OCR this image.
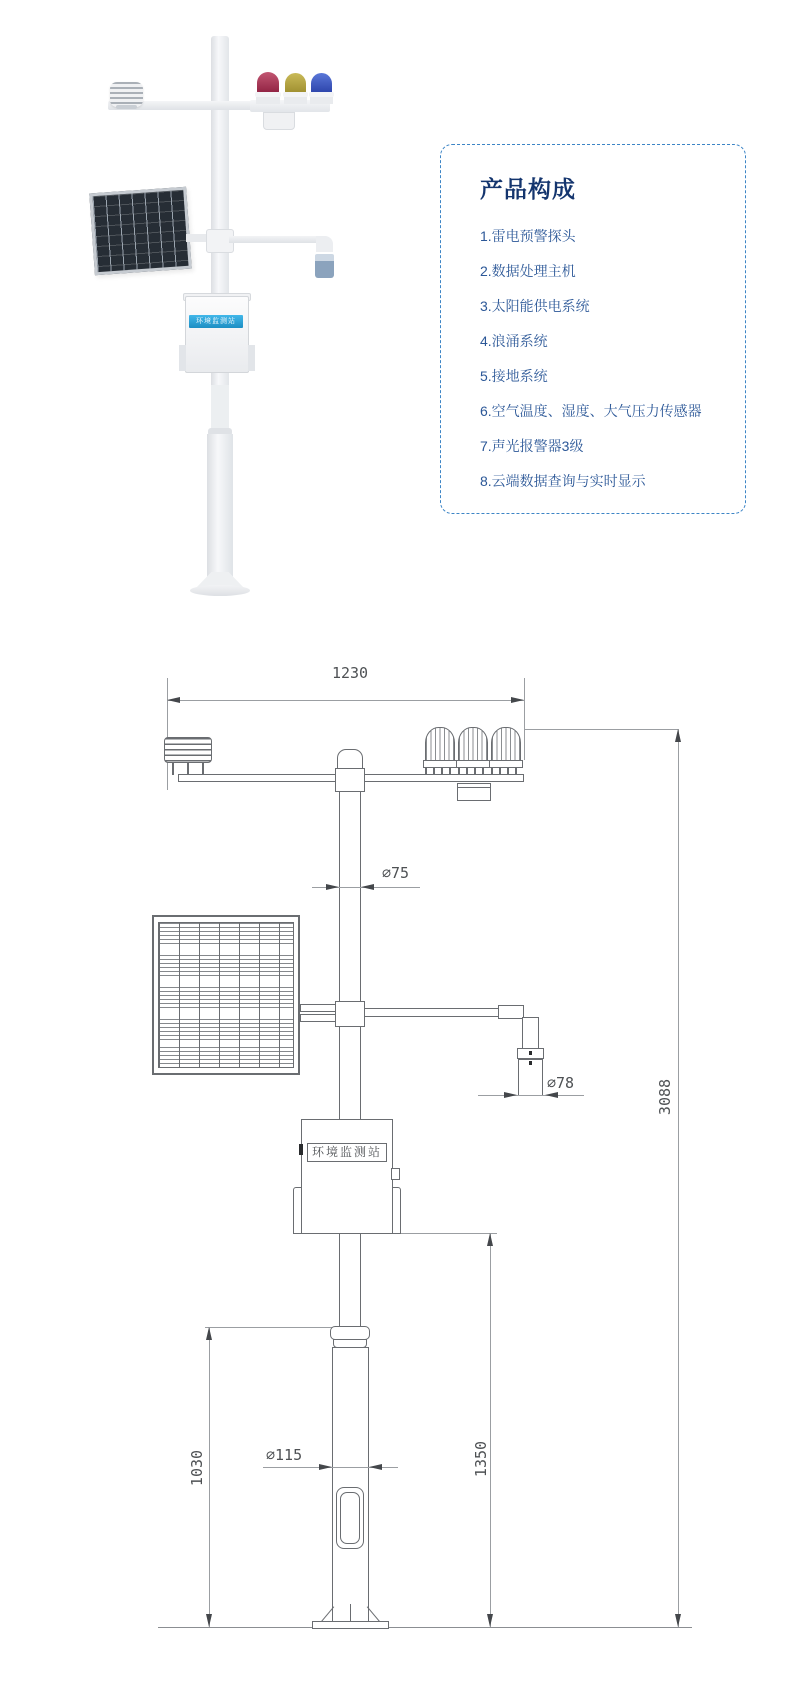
环境监测站
产品构成
1.雷电预警探头
2.数据处理主机
3.太阳能供电系统
4.浪涌系统
5.接地系统
6.空气温度、湿度、大气压力传感器
7.声光报警器3级
8.云端数据查询与实时显示
1230
环境监测站
∅75
∅78
∅115
3088
1350
1030
